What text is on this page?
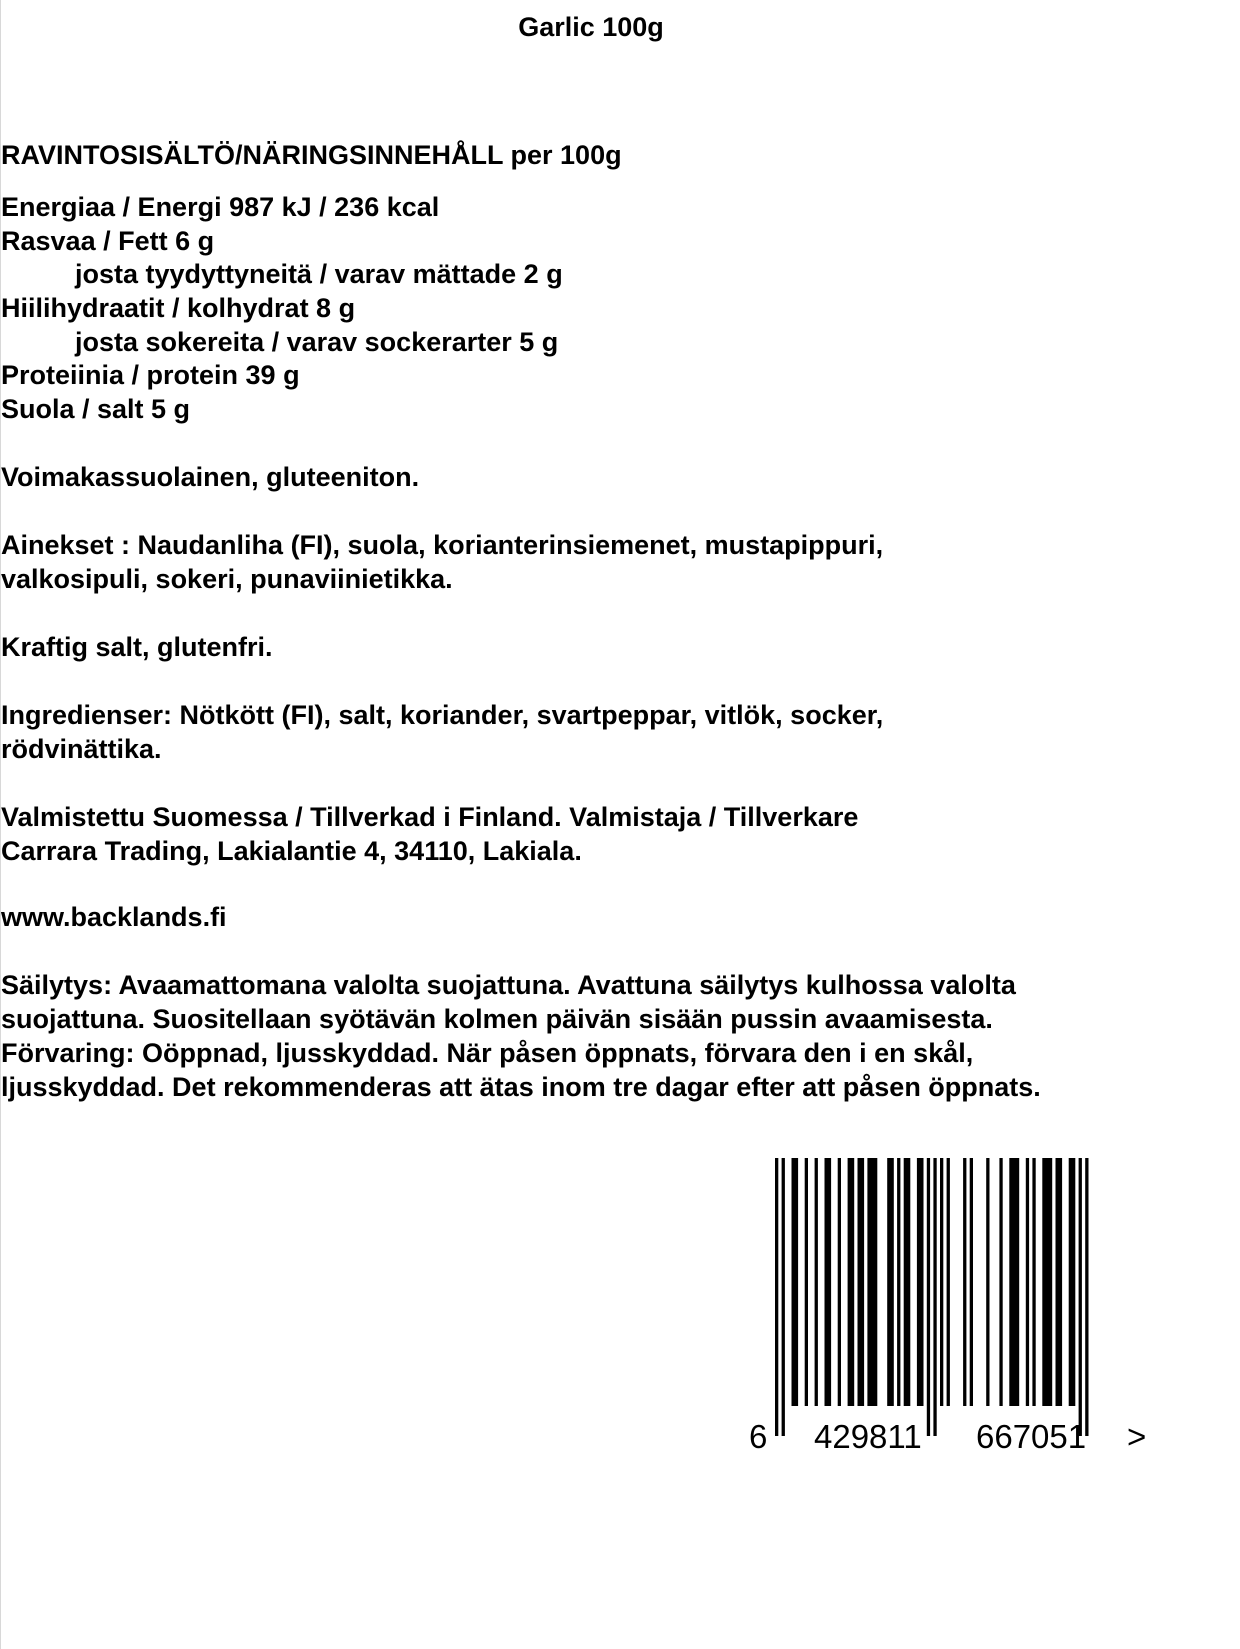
Garlic 100g

RAVINTOSISÄLTÖ/NÄRINGSINNEHÅLL per 100g

Energiaa / Energi 987 kJ / 236 kcal

Rasvaa / Fett 6 g

josta tyydyttyneitä / varav mättade 2 g

Hiilihydraatit / kolhydrat 8 g

josta sokereita / varav sockerarter 5 g

Proteiinia / protein 39 g

Suola / salt 5 g

Voimakassuolainen, gluteeniton.

Ainekset : Naudanliha (FI), suola, korianterinsiemenet, mustapippuri,

valkosipuli, sokeri, punaviinietikka.

Kraftig salt, glutenfri.

Ingredienser: Nötkött (FI), salt, koriander, svartpeppar, vitlök, socker,

rödvinättika.

Valmistettu Suomessa / Tillverkad i Finland. Valmistaja / Tillverkare

Carrara Trading, Lakialantie 4, 34110, Lakiala.

www.backlands.fi

Säilytys: Avaamattomana valolta suojattuna. Avattuna säilytys kulhossa valolta

suojattuna. Suositellaan syötävän kolmen päivän sisään pussin avaamisesta.

Förvaring: Oöppnad, ljusskyddad. När påsen öppnats, förvara den i en skål,

ljusskyddad. Det rekommenderas att ätas inom tre dagar efter att påsen öppnats.

6 429811 667051 >
